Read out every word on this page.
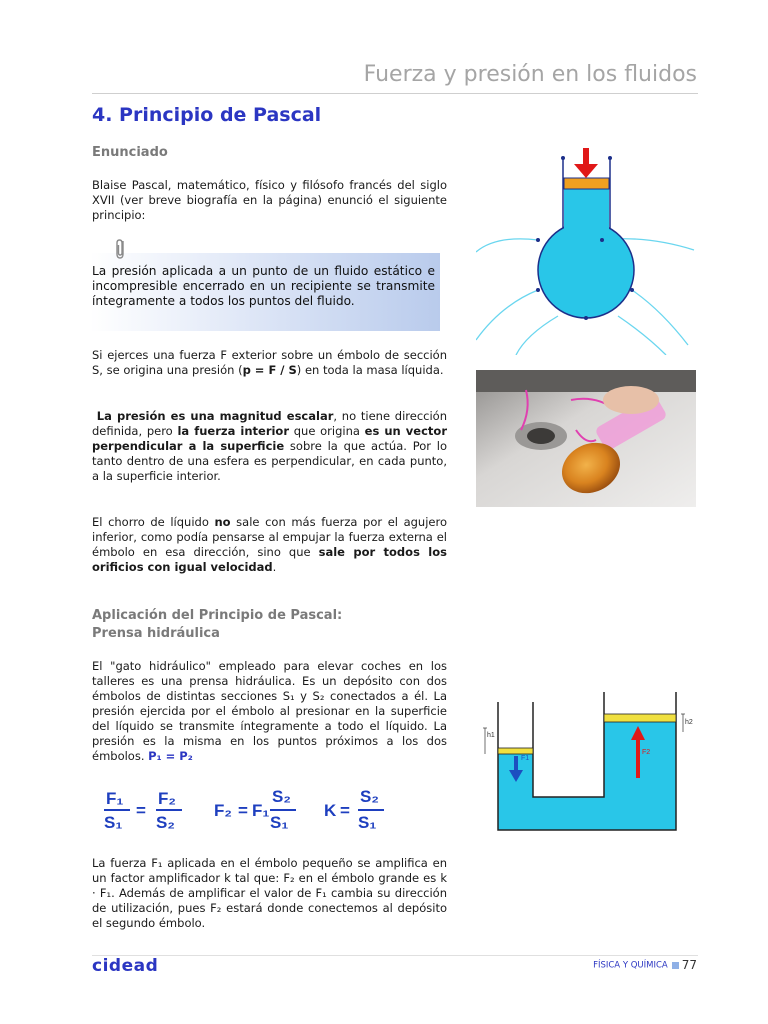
Fuerza y presión en los fluidos
4. Principio de Pascal
Enunciado
Blaise Pascal, matemático, físico y filósofo francés del siglo XVII (ver breve biografía en la página) enunció el siguiente principio:
La presión aplicada a un punto de un fluido estático e incompresible encerrado en un recipiente se transmite íntegramente a todos los puntos del fluido.
Si ejerces una fuerza F exterior sobre un émbolo de sección S, se origina una presión (p = F / S) en toda la masa líquida.
La presión es una magnitud escalar, no tiene dirección definida, pero la fuerza interior que origina es un vector perpendicular a la superficie sobre la que actúa. Por lo tanto dentro de una esfera es perpendicular, en cada punto, a la superficie interior.
El chorro de líquido no sale con más fuerza por el agujero inferior, como podía pensarse al empujar la fuerza externa el émbolo en esa dirección, sino que sale por todos los orificios con igual velocidad.
Aplicación del Principio de Pascal:
Prensa hidráulica
El "gato hidráulico" empleado para elevar coches en los talleres es una prensa hidráulica. Es un depósito con dos émbolos de distintas secciones S₁ y S₂ conectados a él. La presión ejercida por el émbolo al presionar en la superficie del líquido se transmite íntegramente a todo el líquido. La presión es la misma en los puntos próximos a los dos émbolos. P₁ = P₂
F₁
S₁
=
F₂
S₂
F₂ = F₁
S₂
S₁
K =
S₂
S₁
La fuerza F₁ aplicada en el émbolo pequeño se amplifica en un factor amplificador k tal que: F₂ en el émbolo grande es k · F₁. Además de amplificar el valor de F₁ cambia su dirección de utilización, pues F₂ estará donde conectemos al depósito el segundo émbolo.
h1
h2
F1
F2
cidead	FÍSICA Y QUÍMICA 77
